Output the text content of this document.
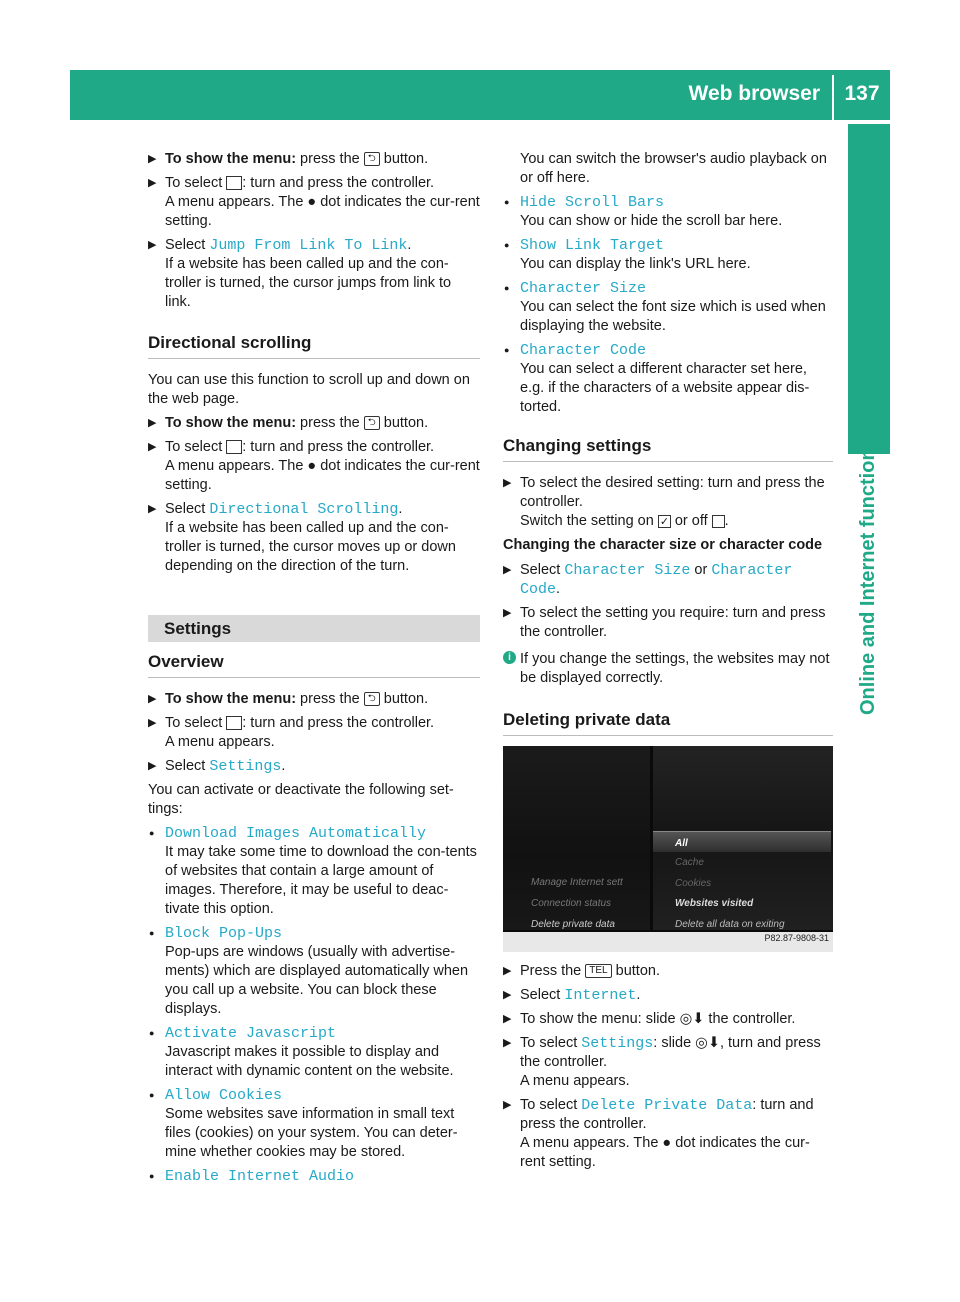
Web browser 137
Online and Internet functions
▶ To show the menu: press the ⮌ button.
▶ To select : turn and press the controller.
A menu appears. The ● dot indicates the cur-rent setting.
▶ Select Jump From Link To Link.
If a website has been called up and the con-troller is turned, the cursor jumps from link to link.
Directional scrolling

You can use this function to scroll up and down on the web page.

▶ To show the menu: press the ⮌ button.
▶ To select : turn and press the controller.
A menu appears. The ● dot indicates the cur-rent setting.
▶ Select Directional Scrolling.
If a website has been called up and the con-troller is turned, the cursor moves up or down depending on the direction of the turn.
Settings
Overview
▶ To show the menu: press the ⮌ button.
▶ To select : turn and press the controller.
A menu appears.
▶ Select Settings.

You can activate or deactivate the following set-tings:

● Download Images Automatically
It may take some time to download the con-tents of websites that contain a large amount of images. Therefore, it may be useful to deac-tivate this option.
● Block Pop-Ups
Pop-ups are windows (usually with advertise-ments) which are displayed automatically when you call up a website. You can block these displays.
● Activate Javascript
Javascript makes it possible to display and interact with dynamic content on the website.
● Allow Cookies
Some websites save information in small text files (cookies) on your system. You can deter-mine whether cookies may be stored.
● Enable Internet Audio

You can switch the browser's audio playback on or off here.

● Hide Scroll Bars
You can show or hide the scroll bar here.
● Show Link Target
You can display the link's URL here.
● Character Size
You can select the font size which is used when displaying the website.
● Character Code
You can select a different character set here, e.g. if the characters of a website appear dis-torted.
Changing settings
▶ To select the desired setting: turn and press the controller.
Switch the setting on ✓ or off .
Changing the character size or character code
▶ Select Character Size or Character Code.
▶ To select the setting you require: turn and press the controller.
i If you change the settings, the websites may not be displayed correctly.
Deleting private data
Manage Internet sett
Connection status
Delete private data
All
Cache
Cookies
Websites visited
Delete all data on exiting
P82.87-9808-31
▶ Press the TEL button.
▶ Select Internet.
▶ To show the menu: slide ◎⬇ the controller.
▶ To select Settings: slide ◎⬇, turn and press the controller.
A menu appears.
▶ To select Delete Private Data: turn and press the controller.
A menu appears. The ● dot indicates the cur-rent setting.
